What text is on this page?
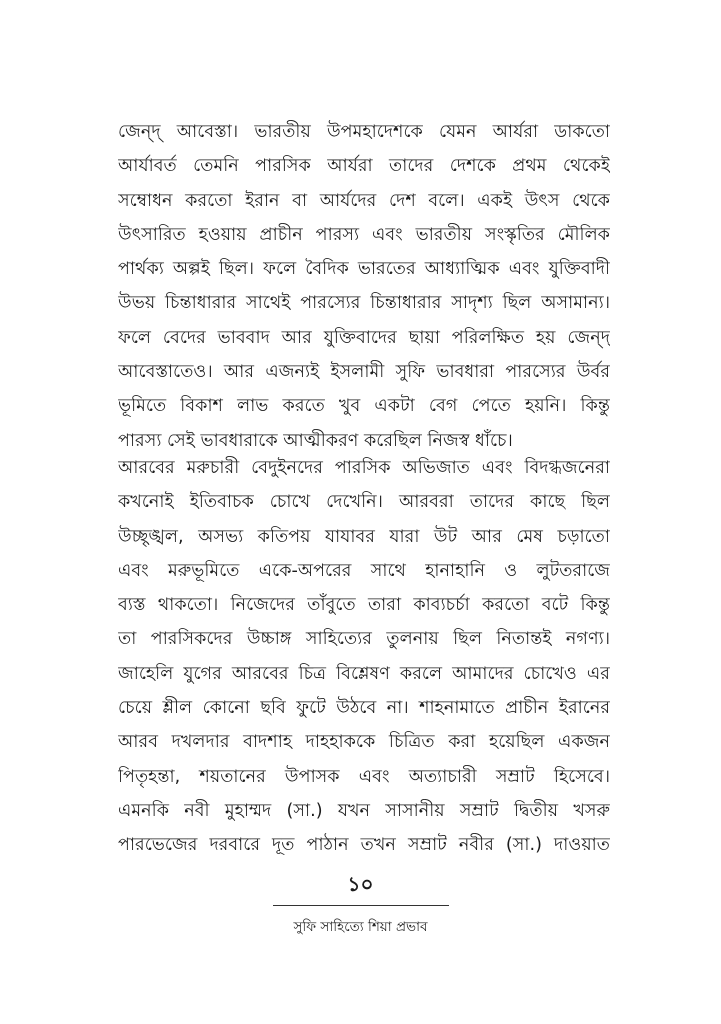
জেন্দ্‌ আবেস্তা। ভারতীয় উপমহাদেশকে যেমন আর্যরা ডাকতো
আর্যাবর্ত তেমনি পারসিক আর্যরা তাদের দেশকে প্রথম থেকেই
সম্বোধন করতো ইরান বা আর্যদের দেশ বলে। একই উৎস থেকে
উৎসারিত হওয়ায় প্রাচীন পারস্য এবং ভারতীয় সংস্কৃতির মৌলিক
পার্থক্য অল্পই ছিল। ফলে বৈদিক ভারতের আধ্যাত্মিক এবং যুক্তিবাদী
উভয় চিন্তাধারার সাথেই পারস্যের চিন্তাধারার সাদৃশ্য ছিল অসামান্য।
ফলে বেদের ভাববাদ আর যুক্তিবাদের ছায়া পরিলক্ষিত হয় জেন্দ্‌
আবেস্তাতেও। আর এজন্যই ইসলামী সুফি ভাবধারা পারস্যের উর্বর
ভূমিতে বিকাশ লাভ করতে খুব একটা বেগ পেতে হয়নি। কিন্তু
পারস্য সেই ভাবধারাকে আত্মীকরণ করেছিল নিজস্ব ধাঁচে।
আরবের মরুচারী বেদুইনদের পারসিক অভিজাত এবং বিদগ্ধজনেরা
কখনোই ইতিবাচক চোখে দেখেনি। আরবরা তাদের কাছে ছিল
উচ্ছৃঙ্খল, অসভ্য কতিপয় যাযাবর যারা উট আর মেষ চড়াতো
এবং মরুভূমিতে একে-অপরের সাথে হানাহানি ও লুটতরাজে
ব্যস্ত থাকতো। নিজেদের তাঁবুতে তারা কাব্যচর্চা করতো বটে কিন্তু
তা পারসিকদের উচ্চাঙ্গ সাহিত্যের তুলনায় ছিল নিতান্তই নগণ্য।
জাহেলি যুগের আরবের চিত্র বিশ্লেষণ করলে আমাদের চোখেও এর
চেয়ে শ্লীল কোনো ছবি ফুটে উঠবে না। শাহনামাতে প্রাচীন ইরানের
আরব দখলদার বাদশাহ দাহহাককে চিত্রিত করা হয়েছিল একজন
পিতৃহন্তা, শয়তানের উপাসক এবং অত্যাচারী সম্রাট হিসেবে।
এমনকি নবী মুহাম্মদ (সা.) যখন সাসানীয় সম্রাট দ্বিতীয় খসরু
পারভেজের দরবারে দূত পাঠান তখন সম্রাট নবীর (সা.) দাওয়াত
১০
সুফি সাহিত্যে শিয়া প্রভাব
